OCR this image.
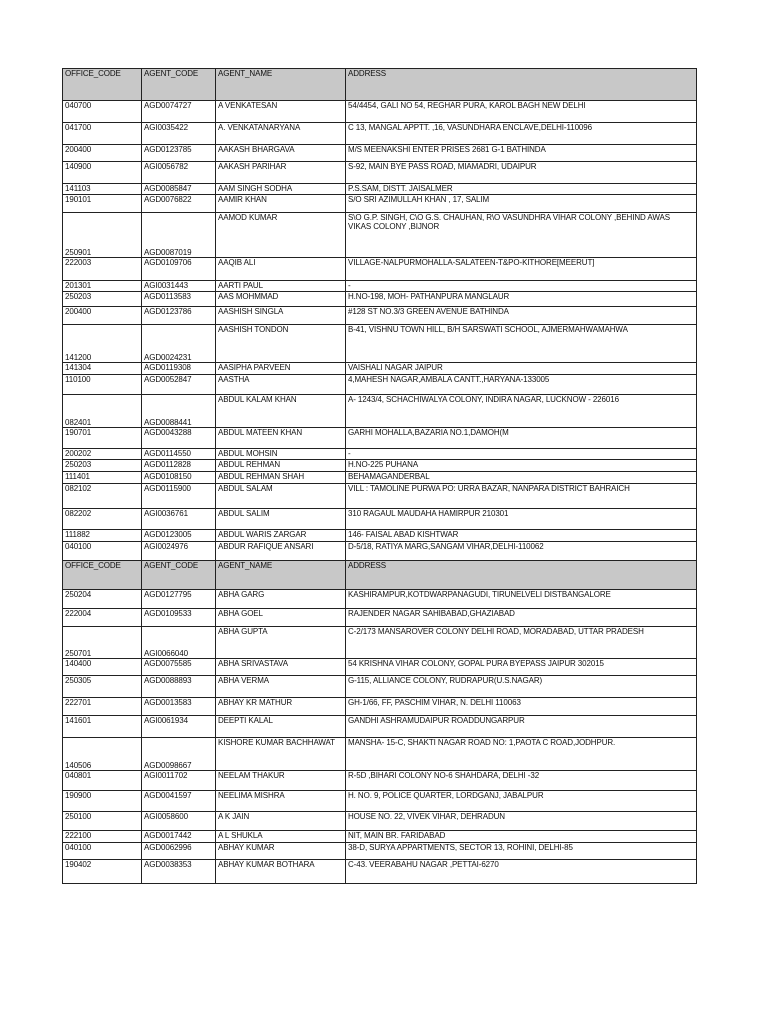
OFFICE_CODE	AGENT_CODE	AGENT_NAME	ADDRESS
040700	AGD0074727	A VENKATESAN	54/4454, GALI NO 54, REGHAR PURA, KAROL BAGH NEW DELHI
041700	AGI0035422	A. VENKATANARYANA	C 13, MANGAL APPTT. ,16, VASUNDHARA ENCLAVE,DELHI-110096
200400	AGD0123785	AAKASH BHARGAVA	M/S MEENAKSHI ENTER PRISES 2681 G-1 BATHINDA
140900	AGI0056782	AAKASH PARIHAR	S-92, MAIN BYE PASS ROAD, MIAMADRI, UDAIPUR
141103	AGD0085847	AAM SINGH SODHA	P.S.SAM, DISTT. JAISALMER
190101	AGD0076822	AAMIR KHAN	S/O SRI AZIMULLAH KHAN , 17, SALIM
250901	AGD0087019	AAMOD KUMAR	S\O G.P. SINGH, C\O G.S. CHAUHAN, R\O VASUNDHRA VIHAR COLONY ,BEHIND AWAS VIKAS COLONY ,BIJNOR
222003	AGD0109706	AAQIB ALI	VILLAGE-NALPURMOHALLA-SALATEEN-T&PO-KITHORE[MEERUT]
201301	AGI0031443	AARTI PAUL	-
250203	AGD0113583	AAS MOHMMAD	H.NO-198, MOH- PATHANPURA MANGLAUR
200400	AGD0123786	AASHISH SINGLA	#128 ST NO.3/3 GREEN AVENUE BATHINDA
141200	AGD0024231	AASHISH TONDON	B-41, VISHNU TOWN HILL, B/H SARSWATI SCHOOL, AJMERMAHWAMAHWA
141304	AGD0119308	AASIPHA PARVEEN	VAISHALI NAGAR JAIPUR
110100	AGD0052847	AASTHA	4,MAHESH NAGAR,AMBALA CANTT.,HARYANA-133005
082401	AGD0088441	ABDUL KALAM KHAN	A- 1243/4, SCHACHIWALYA COLONY, INDIRA NAGAR, LUCKNOW - 226016
190701	AGD0043288	ABDUL MATEEN KHAN	GARHI MOHALLA,BAZARIA NO.1,DAMOH(M
200202	AGD0114550	ABDUL MOHSIN	-
250203	AGD0112828	ABDUL REHMAN	H.NO-225 PUHANA
111401	AGD0108150	ABDUL REHMAN SHAH	BEHAMAGANDERBAL
082102	AGD0115900	ABDUL SALAM	VILL : TAMOLINE PURWA PO: URRA BAZAR, NANPARA DISTRICT BAHRAICH
082202	AGI0036761	ABDUL SALIM	310 RAGAUL MAUDAHA HAMIRPUR 210301
111882	AGD0123005	ABDUL WARIS ZARGAR	146- FAISAL ABAD KISHTWAR
040100	AGI0024976	ABDUR RAFIQUE ANSARI	D-5/18, RATIYA MARG,SANGAM VIHAR,DELHI-110062
OFFICE_CODE	AGENT_CODE	AGENT_NAME	ADDRESS
250204	AGD0127795	ABHA GARG	KASHIRAMPUR,KOTDWARPANAGUDI, TIRUNELVELI DISTBANGALORE
222004	AGD0109533	ABHA GOEL	RAJENDER NAGAR SAHIBABAD,GHAZIABAD
250701	AGI0066040	ABHA GUPTA	C-2/173 MANSAROVER COLONY DELHI ROAD, MORADABAD, UTTAR PRADESH
140400	AGD0075585	ABHA SRIVASTAVA	54 KRISHNA VIHAR COLONY, GOPAL PURA BYEPASS JAIPUR 302015
250305	AGD0088893	ABHA VERMA	G-115, ALLIANCE COLONY, RUDRAPUR(U.S.NAGAR)
222701	AGD0013583	ABHAY KR MATHUR	GH-1/66, FF, PASCHIM VIHAR, N. DELHI 110063
141601	AGI0061934	DEEPTI KALAL	GANDHI ASHRAMUDAIPUR ROADDUNGARPUR
140506	AGD0098667	KISHORE KUMAR BACHHAWAT	MANSHA- 15-C, SHAKTI NAGAR ROAD NO: 1,PAOTA C ROAD,JODHPUR.
040801	AGI0011702	NEELAM THAKUR	R-5D ,BIHARI COLONY NO-6 SHAHDARA, DELHI -32
190900	AGD0041597	NEELIMA MISHRA	H. NO. 9, POLICE QUARTER, LORDGANJ, JABALPUR
250100	AGI0058600	A K JAIN	HOUSE NO. 22, VIVEK VIHAR, DEHRADUN
222100	AGD0017442	A L SHUKLA	NIT, MAIN BR. FARIDABAD
040100	AGD0062996	ABHAY KUMAR	38-D, SURYA APPARTMENTS, SECTOR 13, ROHINI, DELHI-85
190402	AGD0038353	ABHAY KUMAR BOTHARA	C-43. VEERABAHU NAGAR ,PETTAI-6270
